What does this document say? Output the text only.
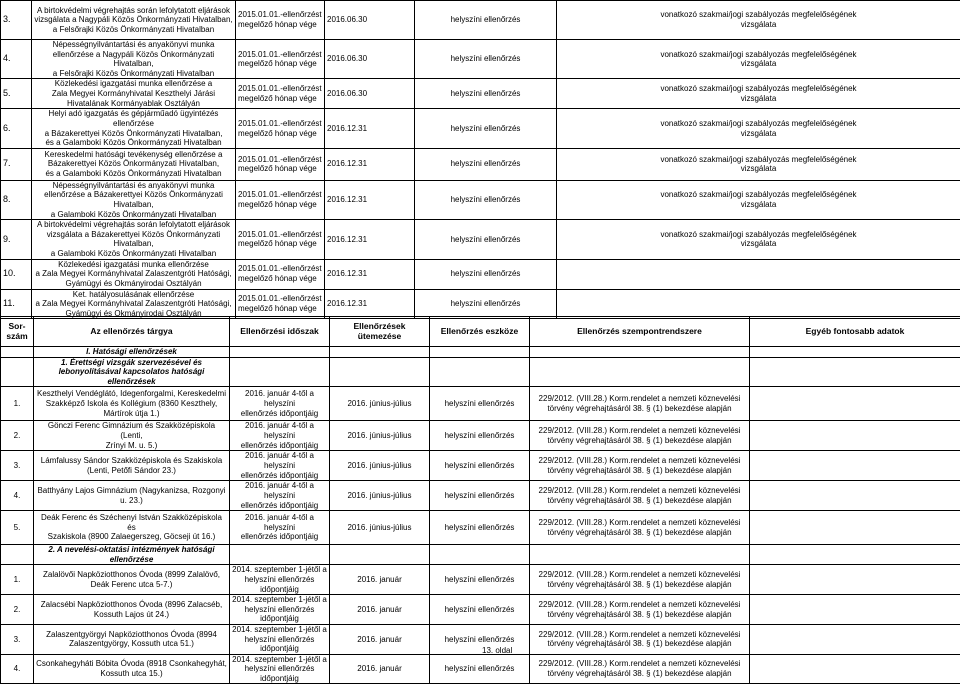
3.	A birtokvédelmi végrehajtás során lefolytatott eljárások
vizsgálata a Nagypáli Közös Önkormányzati Hivatalban,
a Felsőrajki Közös Önkormányzati Hivatalban	2015.01.01.-ellenőrzést
megelőző hónap vége	2016.06.30	helyszíni ellenőrzés	vonatkozó szakmai/jogi szabályozás megfelelőségének
vizsgálata
4.	Népességnyilvántartási és anyakönyvi munka
ellenőrzése a Nagypáli Közös Önkormányzati
Hivatalban,
a Felsőrajki Közös Önkormányzati Hivatalban	2015.01.01.-ellenőrzést
megelőző hónap vége	2016.06.30	helyszíni ellenőrzés	vonatkozó szakmai/jogi szabályozás megfelelőségének
vizsgálata
5.	Közlekedési igazgatási munka ellenőrzése a
Zala Megyei Kormányhivatal Keszthelyi Járási
Hivatalának Kormányablak Osztályán	2015.01.01.-ellenőrzést
megelőző hónap vége	2016.06.30	helyszíni ellenőrzés	vonatkozó szakmai/jogi szabályozás megfelelőségének
vizsgálata
6.	Helyi adó igazgatás és gépjárműadó ügyintézés
ellenőrzése
a Bázakerettyei Közös Önkormányzati Hivatalban,
és a Galamboki Közös Önkormányzati Hivatalban	2015.01.01.-ellenőrzést
megelőző hónap vége	2016.12.31	helyszíni ellenőrzés	vonatkozó szakmai/jogi szabályozás megfelelőségének
vizsgálata
7.	Kereskedelmi hatósági tevékenység ellenőrzése a
Bázakerettyei Közös Önkormányzati Hivatalban,
és a Galamboki Közös Önkormányzati Hivatalban	2015.01.01.-ellenőrzést
megelőző hónap vége	2016.12.31	helyszíni ellenőrzés	vonatkozó szakmai/jogi szabályozás megfelelőségének
vizsgálata
8.	Népességnyilvántartási és anyakönyvi munka
ellenőrzése a Bázakerettyei Közös Önkormányzati
Hivatalban,
a Galamboki Közös Önkormányzati Hivatalban	2015.01.01.-ellenőrzést
megelőző hónap vége	2016.12.31	helyszíni ellenőrzés	vonatkozó szakmai/jogi szabályozás megfelelőségének
vizsgálata
9.	A birtokvédelmi végrehajtás során lefolytatott eljárások
vizsgálata a Bázakerettyei Közös Önkormányzati
Hivatalban,
a Galamboki Közös Önkormányzati Hivatalban	2015.01.01.-ellenőrzést
megelőző hónap vége	2016.12.31	helyszíni ellenőrzés	vonatkozó szakmai/jogi szabályozás megfelelőségének
vizsgálata
10.	Közlekedési igazgatási munka ellenőrzése
a Zala Megyei Kormányhivatal Zalaszentgróti Hatósági,
Gyámügyi és Okmányirodai Osztályán	2015.01.01.-ellenőrzést
megelőző hónap vége	2016.12.31	helyszíni ellenőrzés	

11.	Ket. hatályosulásának ellenőrzése
a Zala Megyei Kormányhivatal Zalaszentgróti Hatósági,
Gyámügyi és Okmányirodai Osztályán	2015.01.01.-ellenőrzést
megelőző hónap vége	2016.12.31	helyszíni ellenőrzés	

Sor-
szám	Az ellenőrzés tárgya	Ellenőrzési időszak	Ellenőrzések
ütemezése	Ellenőrzés eszköze	Ellenőrzés szempontrendszere	Egyéb fontosabb adatok
	I. Hatósági ellenőrzések					
	1. Érettségi vizsgák szervezésével és
lebonyolításával kapcsolatos hatósági
ellenőrzések					
1.	Keszthelyi Vendéglátó, Idegenforgalmi, Kereskedelmi
Szakképző Iskola és Kollégium (8360 Keszthely,
Mártírok útja 1.)	2016. január 4-től a helyszíni
ellenőrzés időpontjáig	2016. június-július	helyszíni ellenőrzés	229/2012. (VIII.28.) Korm.rendelet a nemzeti köznevelési
törvény végrehajtásáról 38. § (1) bekezdése alapján	
2.	Gönczi Ferenc Gimnázium és Szakközépiskola (Lenti,
Zrínyi M. u. 5.)	2016. január 4-től a helyszíni
ellenőrzés időpontjáig	2016. június-július	helyszíni ellenőrzés	229/2012. (VIII.28.) Korm.rendelet a nemzeti köznevelési
törvény végrehajtásáról 38. § (1) bekezdése alapján	
3.	Lámfalussy Sándor Szakközépiskola és Szakiskola
(Lenti, Petőfi Sándor 23.)	2016. január 4-től a helyszíni
ellenőrzés időpontjáig	2016. június-július	helyszíni ellenőrzés	229/2012. (VIII.28.) Korm.rendelet a nemzeti köznevelési
törvény végrehajtásáról 38. § (1) bekezdése alapján	
4.	Batthyány Lajos Gimnázium (Nagykanizsa, Rozgonyi u. 23.)	2016. január 4-től a helyszíni
ellenőrzés időpontjáig	2016. június-július	helyszíni ellenőrzés	229/2012. (VIII.28.) Korm.rendelet a nemzeti köznevelési
törvény végrehajtásáról 38. § (1) bekezdése alapján	
5.	Deák Ferenc és Széchenyi István Szakközépiskola és
Szakiskola (8900 Zalaegerszeg, Göcseji út 16.)	2016. január 4-től a helyszíni
ellenőrzés időpontjáig	2016. június-július	helyszíni ellenőrzés	229/2012. (VIII.28.) Korm.rendelet a nemzeti köznevelési
törvény végrehajtásáról 38. § (1) bekezdése alapján	
	2. A nevelési-oktatási intézmények hatósági ellenőrzése					
1.	Zalalövői Napköziotthonos Óvoda (8999 Zalalövő,
Deák Ferenc utca 5-7.)	2014. szeptember 1-jétől a
helyszíni ellenőrzés
időpontjáig	2016. január	helyszíni ellenőrzés	229/2012. (VIII.28.) Korm.rendelet a nemzeti köznevelési
törvény végrehajtásáról 38. § (1) bekezdése alapján	
2.	Zalacsébi Napköziotthonos Óvoda (8996 Zalacséb,
Kossuth Lajos út 24.)	2014. szeptember 1-jétől a
helyszíni ellenőrzés
időpontjáig	2016. január	helyszíni ellenőrzés	229/2012. (VIII.28.) Korm.rendelet a nemzeti köznevelési
törvény végrehajtásáról 38. § (1) bekezdése alapján	
3.	Zalaszentgyörgyi Napköziotthonos Óvoda (8994
Zalaszentgyörgy, Kossuth utca 51.)	2014. szeptember 1-jétől a
helyszíni ellenőrzés
időpontjáig	2016. január	helyszíni ellenőrzés	229/2012. (VIII.28.) Korm.rendelet a nemzeti köznevelési
törvény végrehajtásáról 38. § (1) bekezdése alapján	
4.	Csonkahegyháti Bóbita Óvoda (8918 Csonkahegyhát,
Kossuth utca 15.)	2014. szeptember 1-jétől a
helyszíni ellenőrzés
időpontjáig	2016. január	helyszíni ellenőrzés	229/2012. (VIII.28.) Korm.rendelet a nemzeti köznevelési
törvény végrehajtásáról 38. § (1) bekezdése alapján	
13. oldal
